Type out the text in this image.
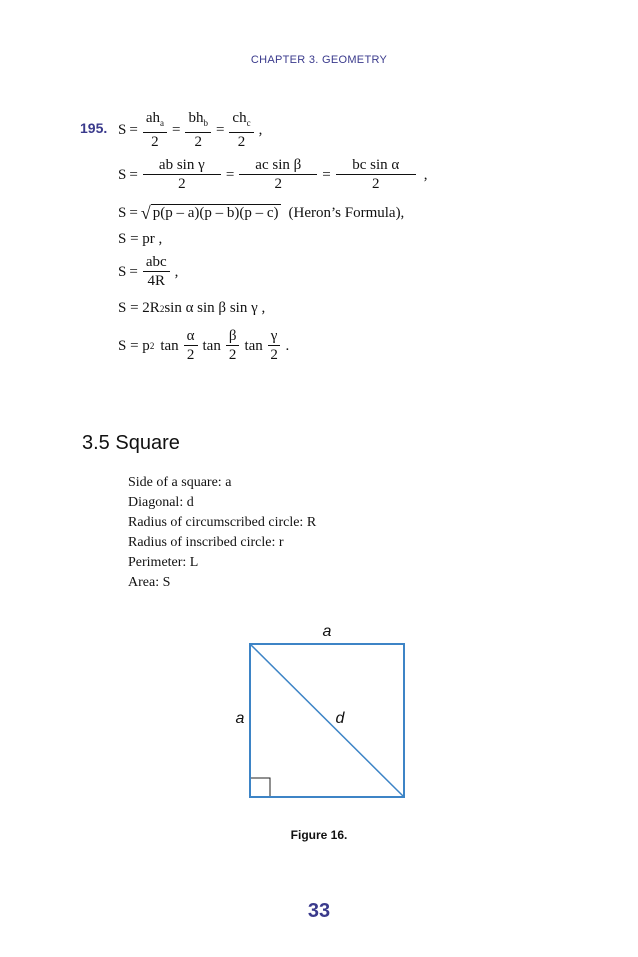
CHAPTER 3. GEOMETRY
195. $S = \frac{ah_a}{2} = \frac{bh_b}{2} = \frac{ch_c}{2}$ ,
$S = \frac{\text{ab sin γ}}{2} = \frac{\text{ac sin β}}{2} = \frac{\text{bc sin α}}{2}$ ,
S = √ p(p – a)(p – b)(p – c) (Heron’s Formula),
S = pr ,
$S = \frac{\text{abc}}{4R}$ ,
S = 2R 2 sin α sin β sin γ ,
S = p 2 $\tan \frac{\alpha}{2}$ $\tan \frac{\beta}{2}$ $\tan \frac{\gamma}{2}$ .
3.5 Square
Side of a square: a
Diagonal: d
Radius of circumscribed circle: R
Radius of inscribed circle: r
Perimeter: L
Area: S
a
a	d
Figure 16.
33
